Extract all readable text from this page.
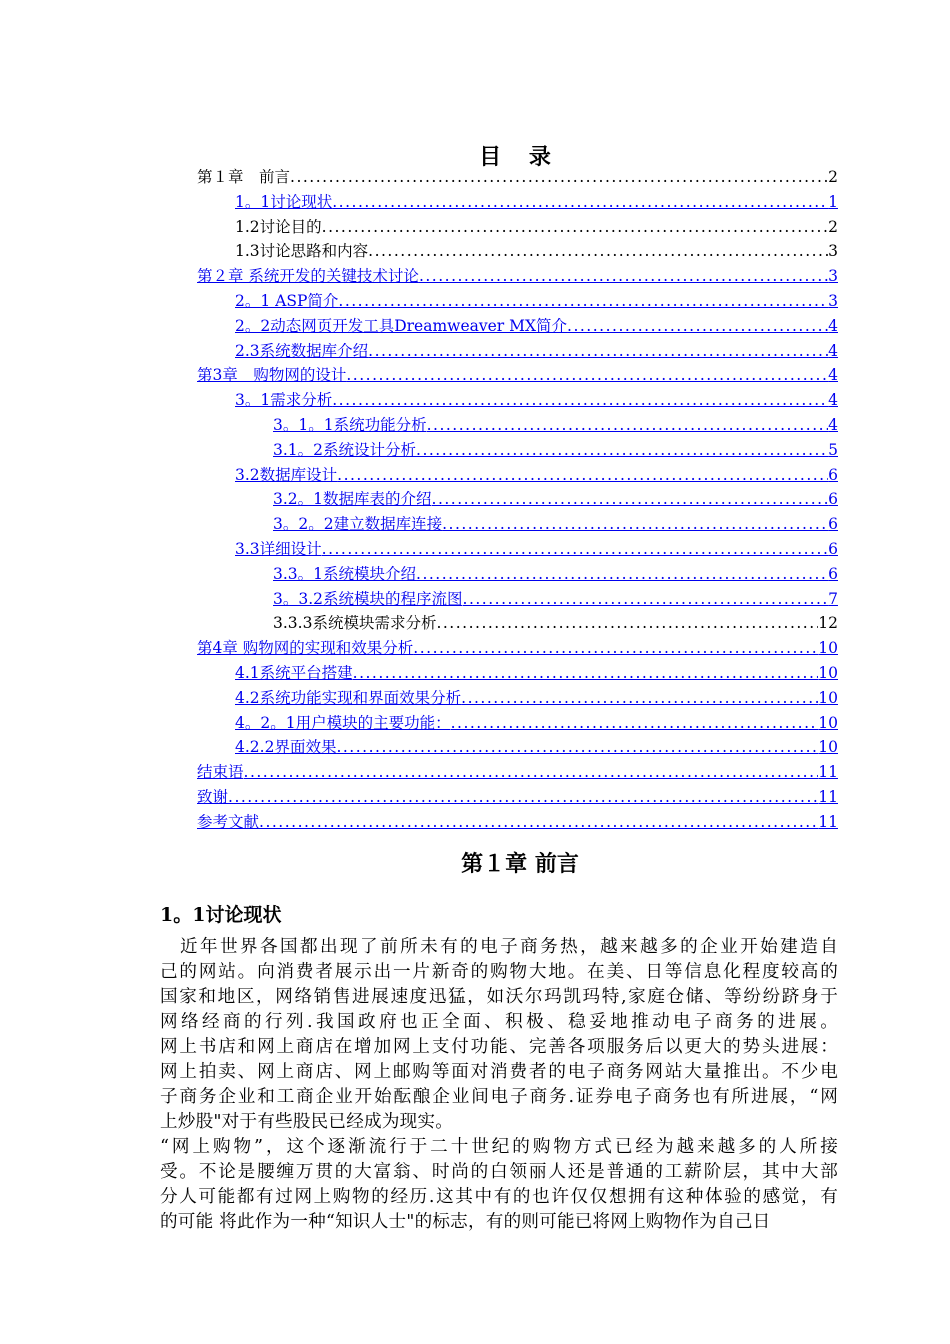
目 录
第１章　前言 .....	2
1。1讨论现状 .....	1
1.2讨论目的 .....	2
1.3讨论思路和内容 .....	3
第２章 系统开发的关键技术讨论 .....	3
2。1 ASP简介 .....	3
2。2动态网页开发工具Dreamweaver MX简介 .....	4
2.3系统数据库介绍 .....	4
第3章　购物网的设计 .....	4
3。1需求分析 .....	4
3。1。1系统功能分析 .....	4
3.1。2系统设计分析 .....	5
3.2数据库设计 .....	6
3.2。1数据库表的介绍 .....	6
3。2。2建立数据库连接 .....	6
3.3详细设计 .....	6
3.3。1系统模块介绍 .....	6
3。3.2系统模块的程序流图 .....	7
3.3.3系统模块需求分析 .....	12
第4章 购物网的实现和效果分析 .....	10
4.1系统平台搭建 .....	10
4.2系统功能实现和界面效果分析 .....	10
4。2。1用户模块的主要功能： .....	10
4.2.2界面效果 .....	10
结束语 .....	11
致谢 .....	11
参考文献 .....	11
第１章 前言
1。1讨论现状
　近年世界各国都出现了前所未有的电子商务热，越来越多的企业开始建造自
己的网站。向消费者展示出一片新奇的购物大地。在美、日等信息化程度较高的
国家和地区，网络销售进展速度迅猛，如沃尔玛凯玛特,家庭仓储、等纷纷跻身于
网络经商的行列.我国政府也正全面、积极、稳妥地推动电子商务的进展。
网上书店和网上商店在增加网上支付功能、完善各项服务后以更大的势头进展：
网上拍卖、网上商店、网上邮购等面对消费者的电子商务网站大量推出。不少电
子商务企业和工商企业开始酝酿企业间电子商务.证券电子商务也有所进展，“网
上炒股"对于有些股民已经成为现实。
“网上购物”，这个逐渐流行于二十世纪的购物方式已经为越来越多的人所接
受。不论是腰缠万贯的大富翁、时尚的白领丽人还是普通的工薪阶层，其中大部
分人可能都有过网上购物的经历.这其中有的也许仅仅想拥有这种体验的感觉，有
的可能 将此作为一种“知识人士"的标志，有的则可能已将网上购物作为自己日
